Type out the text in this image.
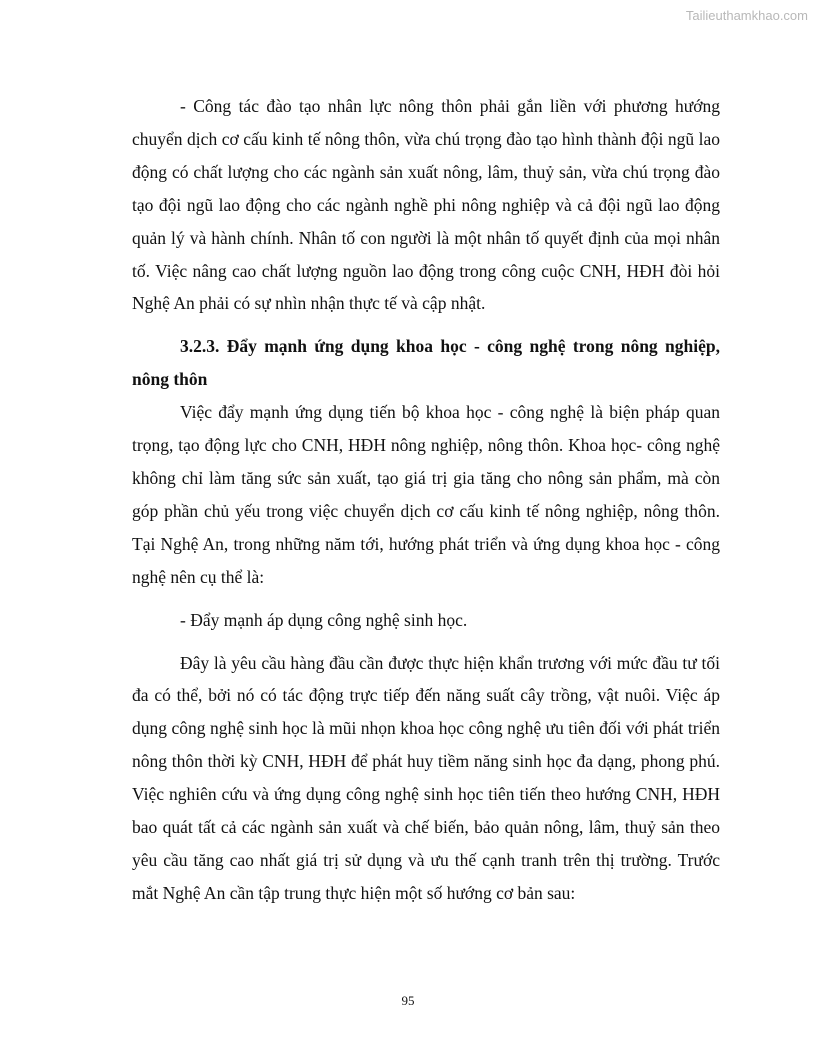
Tailieuthamkhao.com

- Công tác đào tạo nhân lực nông thôn phải gắn liền với phương hướng chuyển dịch cơ cấu kinh tế nông thôn, vừa chú trọng đào tạo hình thành đội ngũ lao động có chất lượng cho các ngành sản xuất nông, lâm, thuỷ sản, vừa chú trọng đào tạo đội ngũ lao động cho các ngành nghề phi nông nghiệp và cả đội ngũ lao động quản lý và hành chính. Nhân tố con người là một nhân tố quyết định của mọi nhân tố. Việc nâng cao chất lượng nguồn lao động trong công cuộc CNH, HĐH đòi hỏi Nghệ An phải có sự nhìn nhận thực tế và cập nhật.

3.2.3. Đẩy mạnh ứng dụng khoa học - công nghệ trong nông nghiệp, nông thôn

Việc đẩy mạnh ứng dụng tiến bộ khoa học - công nghệ là biện pháp quan trọng, tạo động lực cho CNH, HĐH nông nghiệp, nông thôn. Khoa học- công nghệ không chỉ làm tăng sức sản xuất, tạo giá trị gia tăng cho nông sản phẩm, mà còn góp phần chủ yếu trong việc chuyển dịch cơ cấu kinh tế nông nghiệp, nông thôn. Tại Nghệ An, trong những năm tới, hướng phát triển và ứng dụng khoa học - công nghệ nên cụ thể là:

- Đẩy mạnh áp dụng công nghệ sinh học.

Đây là yêu cầu hàng đầu cần được thực hiện khẩn trương với mức đầu tư tối đa có thể, bởi nó có tác động trực tiếp đến năng suất cây trồng, vật nuôi. Việc áp dụng công nghệ sinh học là mũi nhọn khoa học công nghệ ưu tiên đối với phát triển nông thôn thời kỳ CNH, HĐH để phát huy tiềm năng sinh học đa dạng, phong phú. Việc nghiên cứu và ứng dụng công nghệ sinh học tiên tiến theo hướng CNH, HĐH bao quát tất cả các ngành sản xuất và chế biến, bảo quản nông, lâm, thuỷ sản theo yêu cầu tăng cao nhất giá trị sử dụng và ưu thế cạnh tranh trên thị trường. Trước mắt Nghệ An cần tập trung thực hiện một số hướng cơ bản sau:

95
